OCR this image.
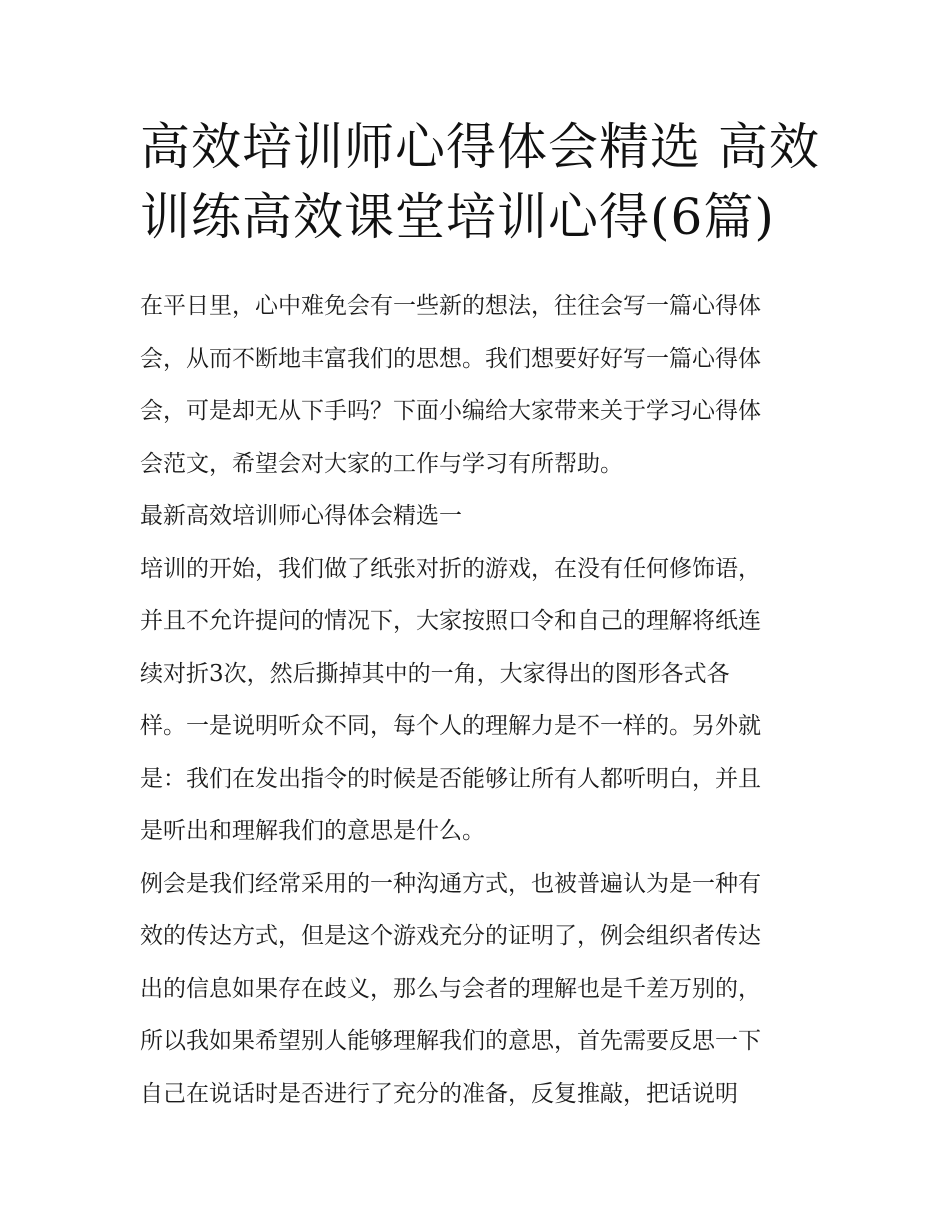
高效培训师心得体会精选 高效
训练高效课堂培训心得(6篇)
在平日里，心中难免会有一些新的想法，往往会写一篇心得体
会，从而不断地丰富我们的思想。我们想要好好写一篇心得体
会，可是却无从下手吗？下面小编给大家带来关于学习心得体
会范文，希望会对大家的工作与学习有所帮助。
最新高效培训师心得体会精选一
培训的开始，我们做了纸张对折的游戏，在没有任何修饰语，
并且不允许提问的情况下，大家按照口令和自己的理解将纸连
续对折3次，然后撕掉其中的一角，大家得出的图形各式各
样。一是说明听众不同，每个人的理解力是不一样的。另外就
是：我们在发出指令的时候是否能够让所有人都听明白，并且
是听出和理解我们的意思是什么。
例会是我们经常采用的一种沟通方式，也被普遍认为是一种有
效的传达方式，但是这个游戏充分的证明了，例会组织者传达
出的信息如果存在歧义，那么与会者的理解也是千差万别的，
所以我如果希望别人能够理解我们的意思，首先需要反思一下
自己在说话时是否进行了充分的准备，反复推敲，把话说明
